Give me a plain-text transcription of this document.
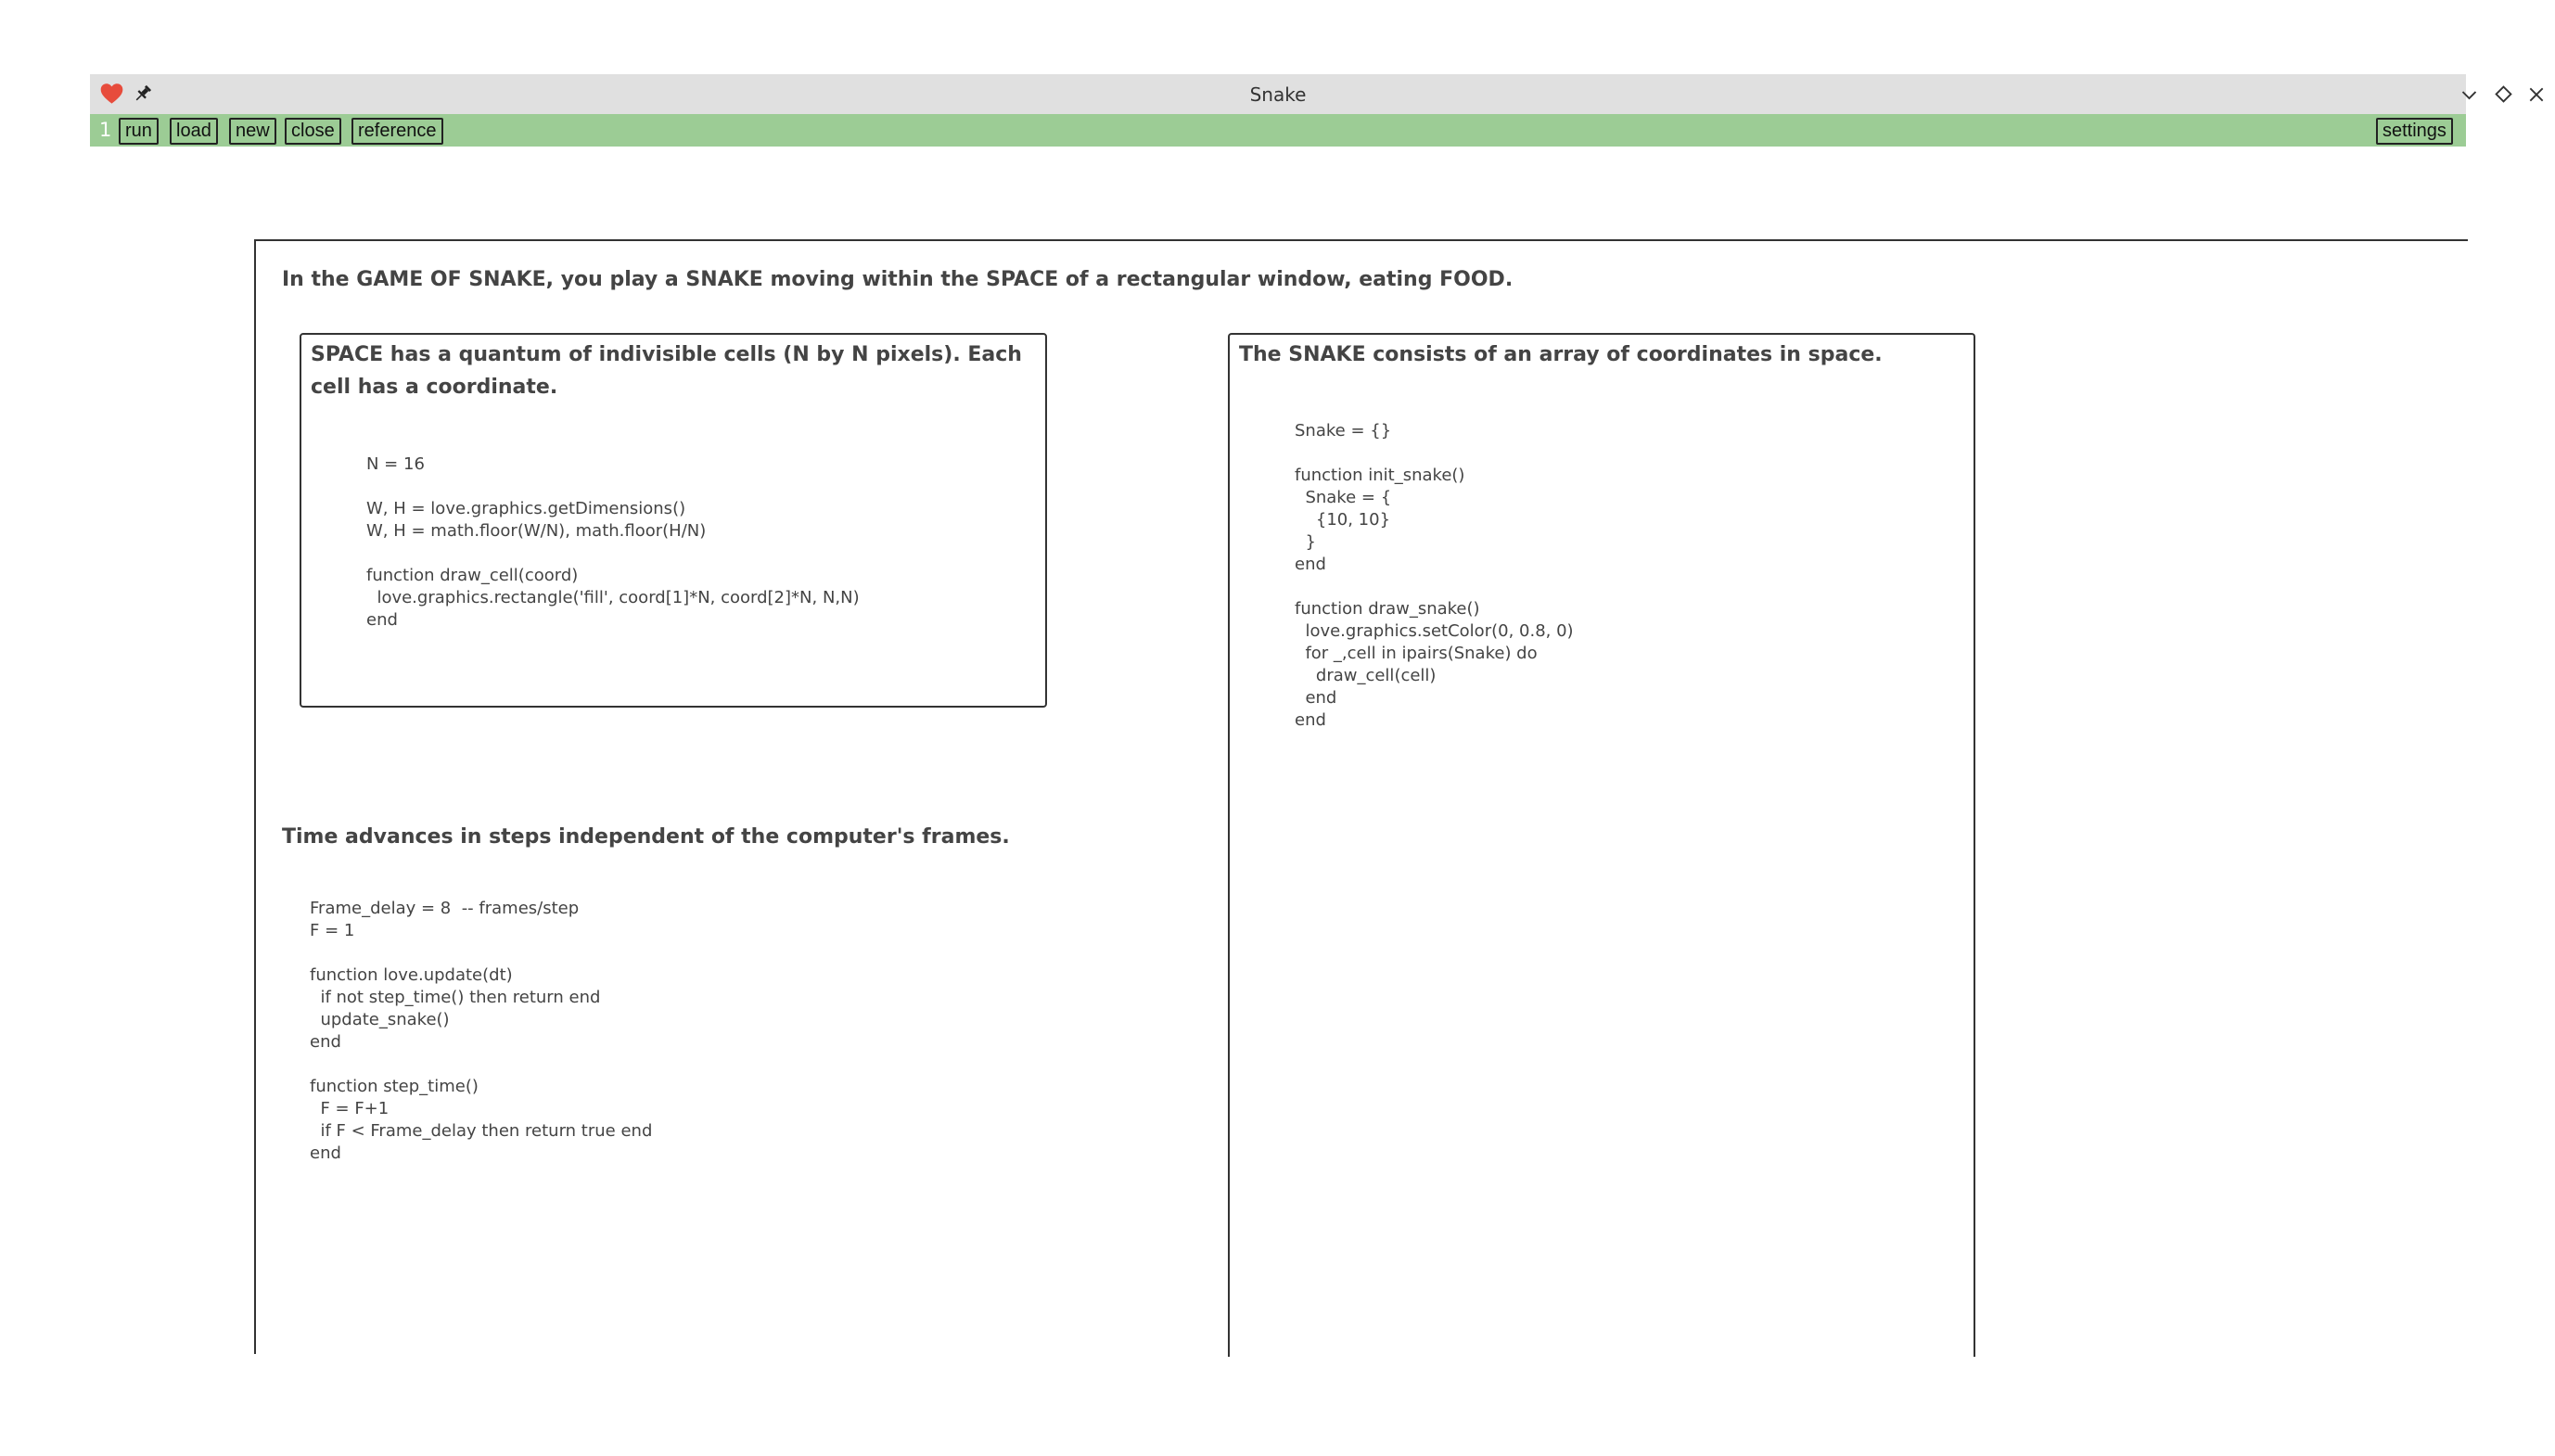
Snake
1 run	load	new	close	reference	settings
In the GAME OF SNAKE, you play a SNAKE moving within the SPACE of a rectangular window, eating FOOD.
SPACE has a quantum of indivisible cells (N by N pixels). Each cell has a coordinate.
N = 16

W, H = love.graphics.getDimensions()
W, H = math.floor(W/N), math.floor(H/N)

function draw_cell(coord)
love.graphics.rectangle('fill', coord[1]*N, coord[2]*N, N,N)
end
The SNAKE consists of an array of coordinates in space.
Snake = {}

function init_snake()
Snake = {
{10, 10}
}
end

function draw_snake()
love.graphics.setColor(0, 0.8, 0)
for _,cell in ipairs(Snake) do
draw_cell(cell)
end
end
Time advances in steps independent of the computer's frames.
Frame_delay = 8  -- frames/step
F = 1

function love.update(dt)
if not step_time() then return end
update_snake()
end

function step_time()
F = F+1
if F < Frame_delay then return true end
end
